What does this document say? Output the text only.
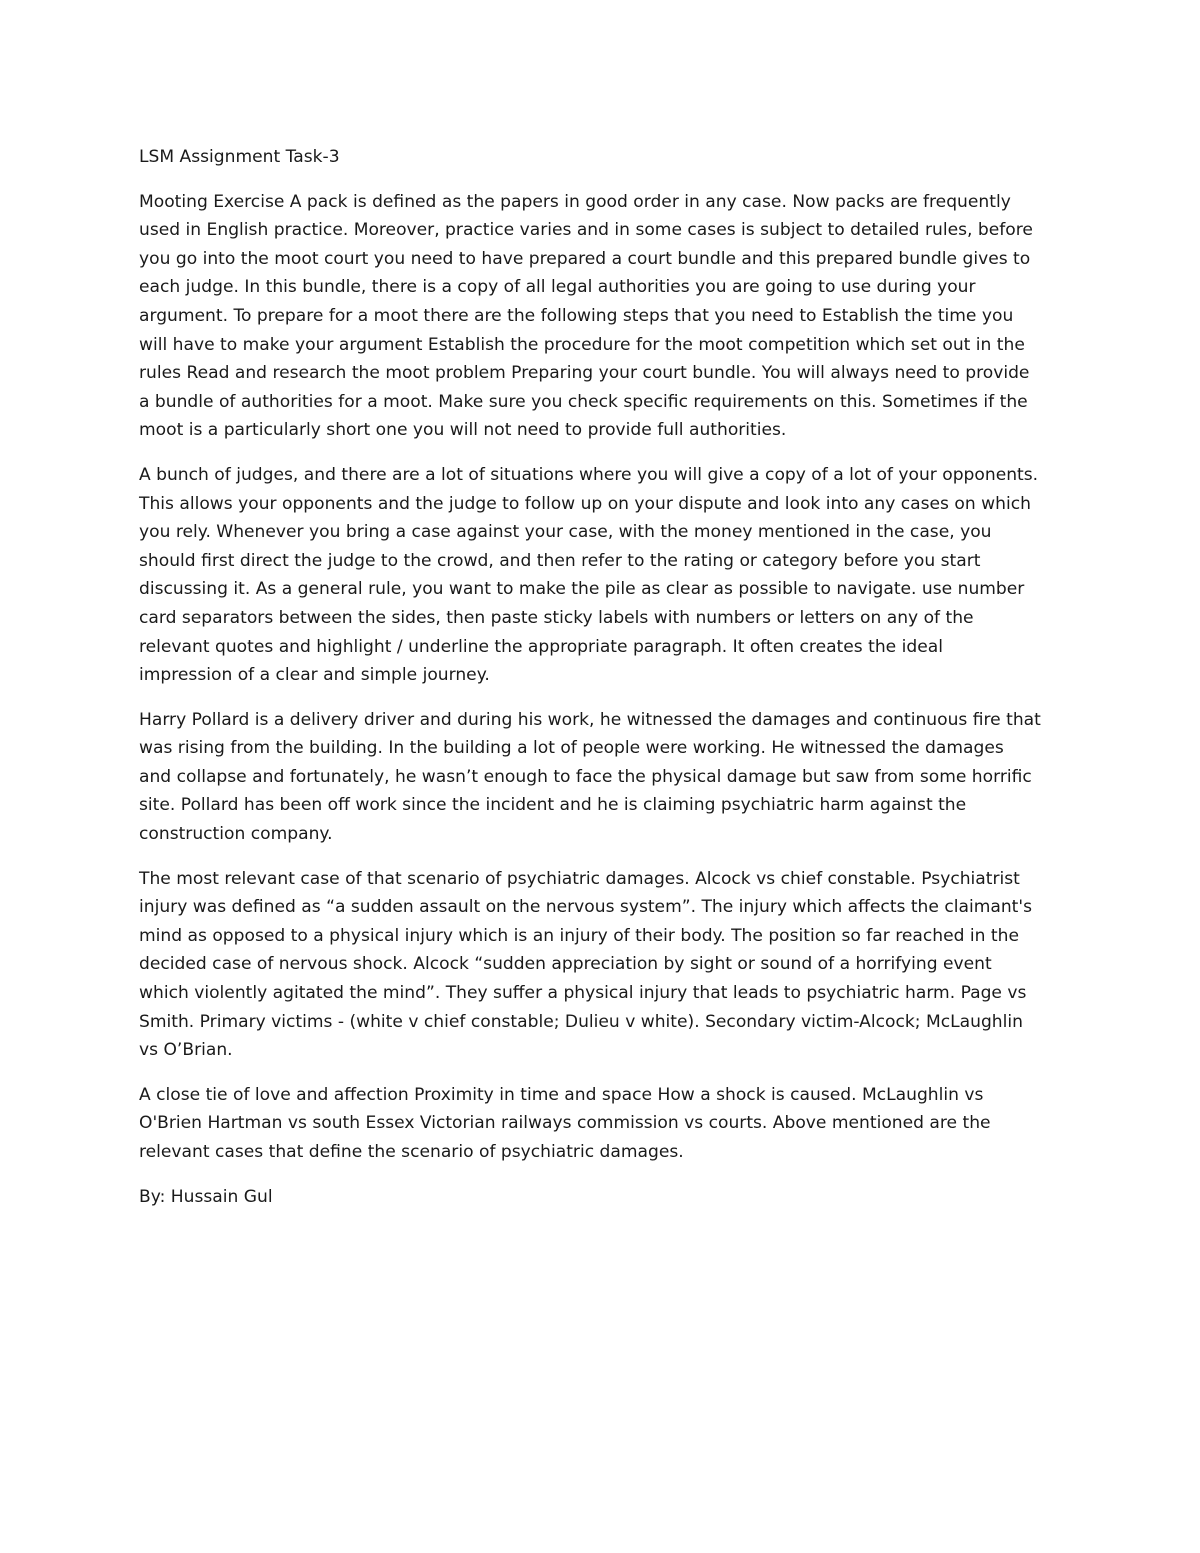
LSM Assignment Task-3

Mooting Exercise A pack is defined as the papers in good order in any case. Now packs are frequently
used in English practice. Moreover, practice varies and in some cases is subject to detailed rules, before
you go into the moot court you need to have prepared a court bundle and this prepared bundle gives to
each judge. In this bundle, there is a copy of all legal authorities you are going to use during your
argument. To prepare for a moot there are the following steps that you need to Establish the time you
will have to make your argument Establish the procedure for the moot competition which set out in the
rules Read and research the moot problem Preparing your court bundle. You will always need to provide
a bundle of authorities for a moot. Make sure you check specific requirements on this. Sometimes if the
moot is a particularly short one you will not need to provide full authorities.

A bunch of judges, and there are a lot of situations where you will give a copy of a lot of your opponents.
This allows your opponents and the judge to follow up on your dispute and look into any cases on which
you rely. Whenever you bring a case against your case, with the money mentioned in the case, you
should first direct the judge to the crowd, and then refer to the rating or category before you start
discussing it. As a general rule, you want to make the pile as clear as possible to navigate. use number
card separators between the sides, then paste sticky labels with numbers or letters on any of the
relevant quotes and highlight / underline the appropriate paragraph. It often creates the ideal
impression of a clear and simple journey.

Harry Pollard is a delivery driver and during his work, he witnessed the damages and continuous fire that
was rising from the building. In the building a lot of people were working. He witnessed the damages
and collapse and fortunately, he wasn’t enough to face the physical damage but saw from some horrific
site. Pollard has been off work since the incident and he is claiming psychiatric harm against the
construction company.

The most relevant case of that scenario of psychiatric damages. Alcock vs chief constable. Psychiatrist
injury was defined as “a sudden assault on the nervous system”. The injury which affects the claimant's
mind as opposed to a physical injury which is an injury of their body. The position so far reached in the
decided case of nervous shock. Alcock “sudden appreciation by sight or sound of a horrifying event
which violently agitated the mind”. They suffer a physical injury that leads to psychiatric harm. Page vs
Smith. Primary victims - (white v chief constable; Dulieu v white). Secondary victim-Alcock; McLaughlin
vs O’Brian.

A close tie of love and affection Proximity in time and space How a shock is caused. McLaughlin vs
O'Brien Hartman vs south Essex Victorian railways commission vs courts. Above mentioned are the
relevant cases that define the scenario of psychiatric damages.

By: Hussain Gul
